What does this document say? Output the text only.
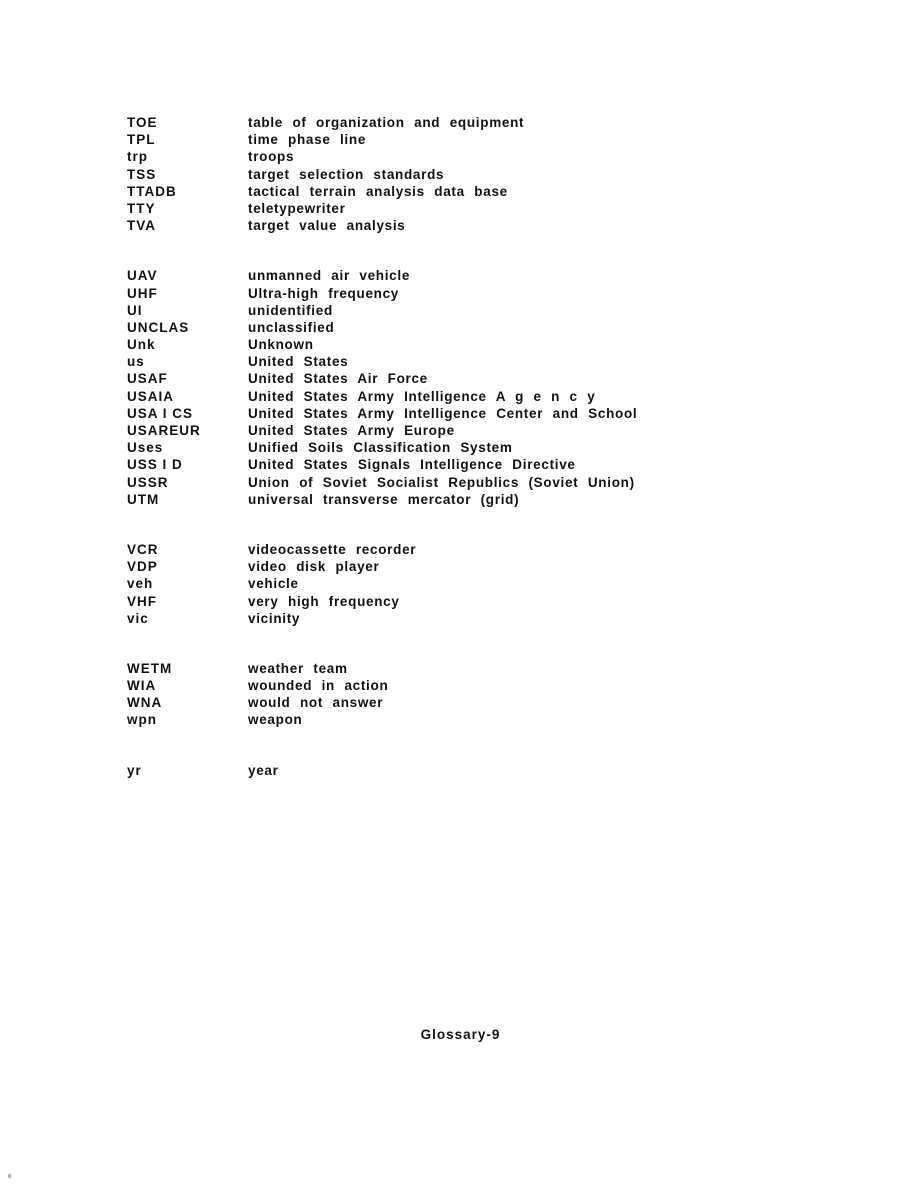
TOE	table of organization and equipment
TPL	time phase line
trp	troops
TSS	target selection standards
TTADB	tactical terrain analysis data base
TTY	teletypewriter
TVA	target value analysis
UAV	unmanned air vehicle
UHF	Ultra-high frequency
UI	unidentified
UNCLAS	unclassified
Unk	Unknown
us	United States
USAF	United States Air Force
USAIA	United States Army Intelligence A g e n c y
USA I CS	United States Army Intelligence Center and School
USAREUR	United States Army Europe
Uses	Unified Soils Classification System
USS I D	United States Signals Intelligence Directive
USSR	Union of Soviet Socialist Republics (Soviet Union)
UTM	universal transverse mercator (grid)
VCR	videocassette recorder
VDP	video disk player
veh	vehicle
VHF	very high frequency
vic	vicinity
WETM	weather team
WIA	wounded in action
WNA	would not answer
wpn	weapon
yr	year
Glossary-9
